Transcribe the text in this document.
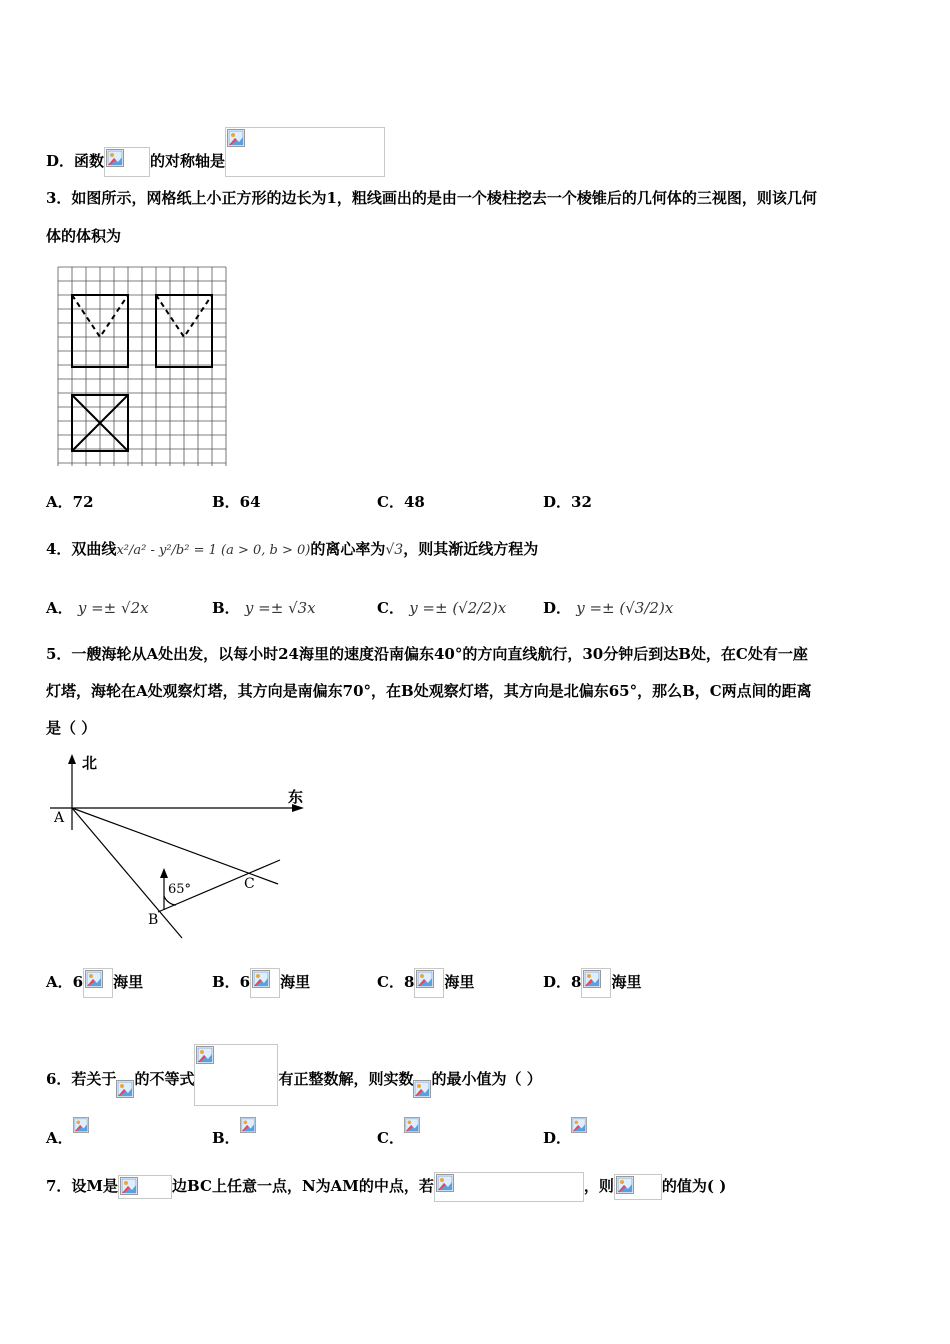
D．函数	的对称轴是
3．如图所示，网格纸上小正方形的边长为1，粗线画出的是由一个棱柱挖去一个棱锥后的几何体的三视图，则该几何
体的体积为
A．72	B．64	C．48	D．32
4．双曲线x²/a² - y²/b² = 1 (a > 0, b > 0)的离心率为√3，则其渐近线方程为
A． y =± √2x	B． y =± √3x	C． y =± (√2/2)x D． y =± (√3/2)x
5．一艘海轮从A处出发，以每小时24海里的速度沿南偏东40°的方向直线航行，30分钟后到达B处，在C处有一座
灯塔，海轮在A处观察灯塔，其方向是南偏东70°，在B处观察灯塔，其方向是北偏东65°，那么B，C两点间的距离
是（ ）
北
东
A
B
C
65°
A．6 海里	B．6 海里	C．8 海里	D．8 海里
6．若关于 的不等式	有正整数解，则实数 的最小值为（ ）
A．	B．	C．	D．
7．设M是	边BC上任意一点，N为AM的中点，若	，则	的值为( )
